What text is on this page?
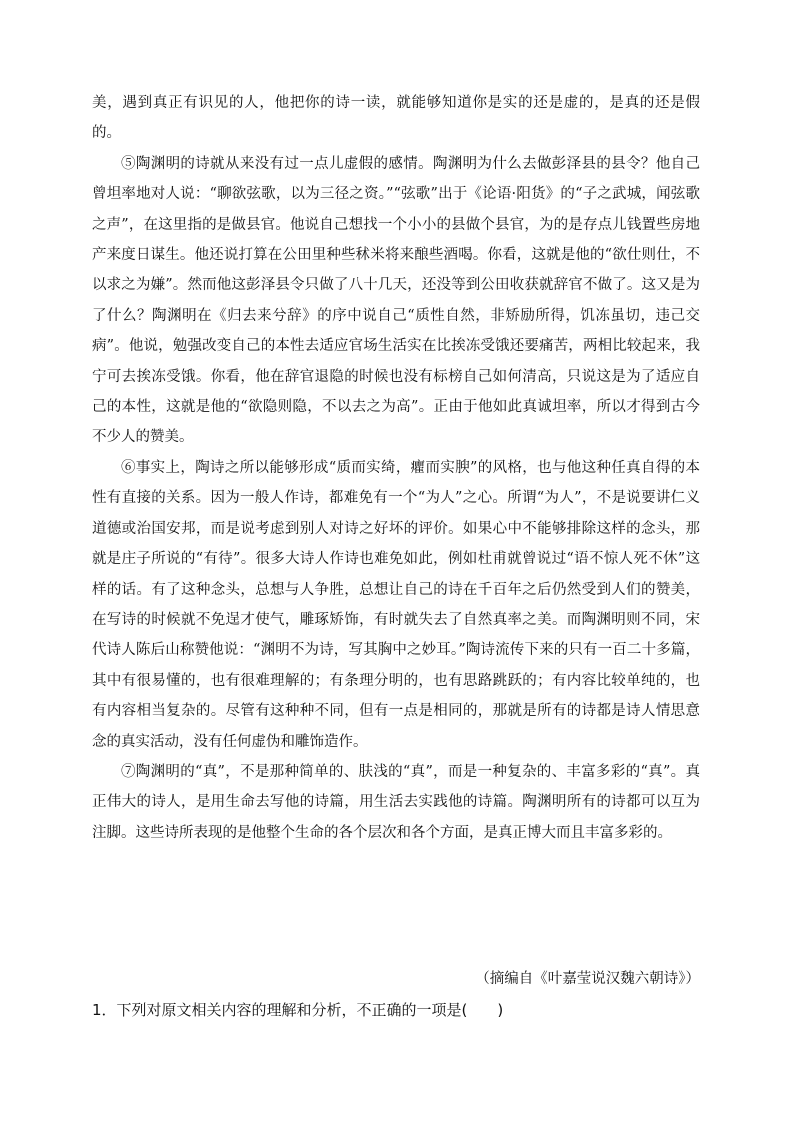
美，遇到真正有识见的人，他把你的诗一读，就能够知道你是实的还是虚的，是真的还是假的。

⑤陶渊明的诗就从来没有过一点儿虚假的感情。陶渊明为什么去做彭泽县的县令？他自己曾坦率地对人说：“聊欲弦歌，以为三径之资。”“弦歌”出于《论语·阳货》的“子之武城，闻弦歌之声”，在这里指的是做县官。他说自己想找一个小小的县做个县官，为的是存点儿钱置些房地产来度日谋生。他还说打算在公田里种些秫米将来酿些酒喝。你看，这就是他的“欲仕则仕，不以求之为嫌”。然而他这彭泽县令只做了八十几天，还没等到公田收获就辞官不做了。这又是为了什么？陶渊明在《归去来兮辞》的序中说自己“质性自然，非矫励所得，饥冻虽切，违己交病”。他说，勉强改变自己的本性去适应官场生活实在比挨冻受饿还要痛苦，两相比较起来，我宁可去挨冻受饿。你看，他在辞官退隐的时候也没有标榜自己如何清高，只说这是为了适应自己的本性，这就是他的“欲隐则隐，不以去之为高”。正由于他如此真诚坦率，所以才得到古今不少人的赞美。

⑥事实上，陶诗之所以能够形成“质而实绮，癯而实腴”的风格，也与他这种任真自得的本性有直接的关系。因为一般人作诗，都难免有一个“为人”之心。所谓“为人”，不是说要讲仁义道德或治国安邦，而是说考虑到别人对诗之好坏的评价。如果心中不能够排除这样的念头，那就是庄子所说的“有待”。很多大诗人作诗也难免如此，例如杜甫就曾说过“语不惊人死不休”这样的话。有了这种念头，总想与人争胜，总想让自己的诗在千百年之后仍然受到人们的赞美，在写诗的时候就不免逞才使气，雕琢矫饰，有时就失去了自然真率之美。而陶渊明则不同，宋代诗人陈后山称赞他说：“渊明不为诗，写其胸中之妙耳。”陶诗流传下来的只有一百二十多篇，其中有很易懂的，也有很难理解的；有条理分明的，也有思路跳跃的；有内容比较单纯的，也有内容相当复杂的。尽管有这种种不同，但有一点是相同的，那就是所有的诗都是诗人情思意念的真实活动，没有任何虚伪和雕饰造作。

⑦陶渊明的“真”，不是那种简单的、肤浅的“真”，而是一种复杂的、丰富多彩的“真”。真正伟大的诗人，是用生命去写他的诗篇，用生活去实践他的诗篇。陶渊明所有的诗都可以互为注脚。这些诗所表现的是他整个生命的各个层次和各个方面，是真正博大而且丰富多彩的。

（摘编自《叶嘉莹说汉魏六朝诗》）
1．下列对原文相关内容的理解和分析，不正确的一项是(　　)
